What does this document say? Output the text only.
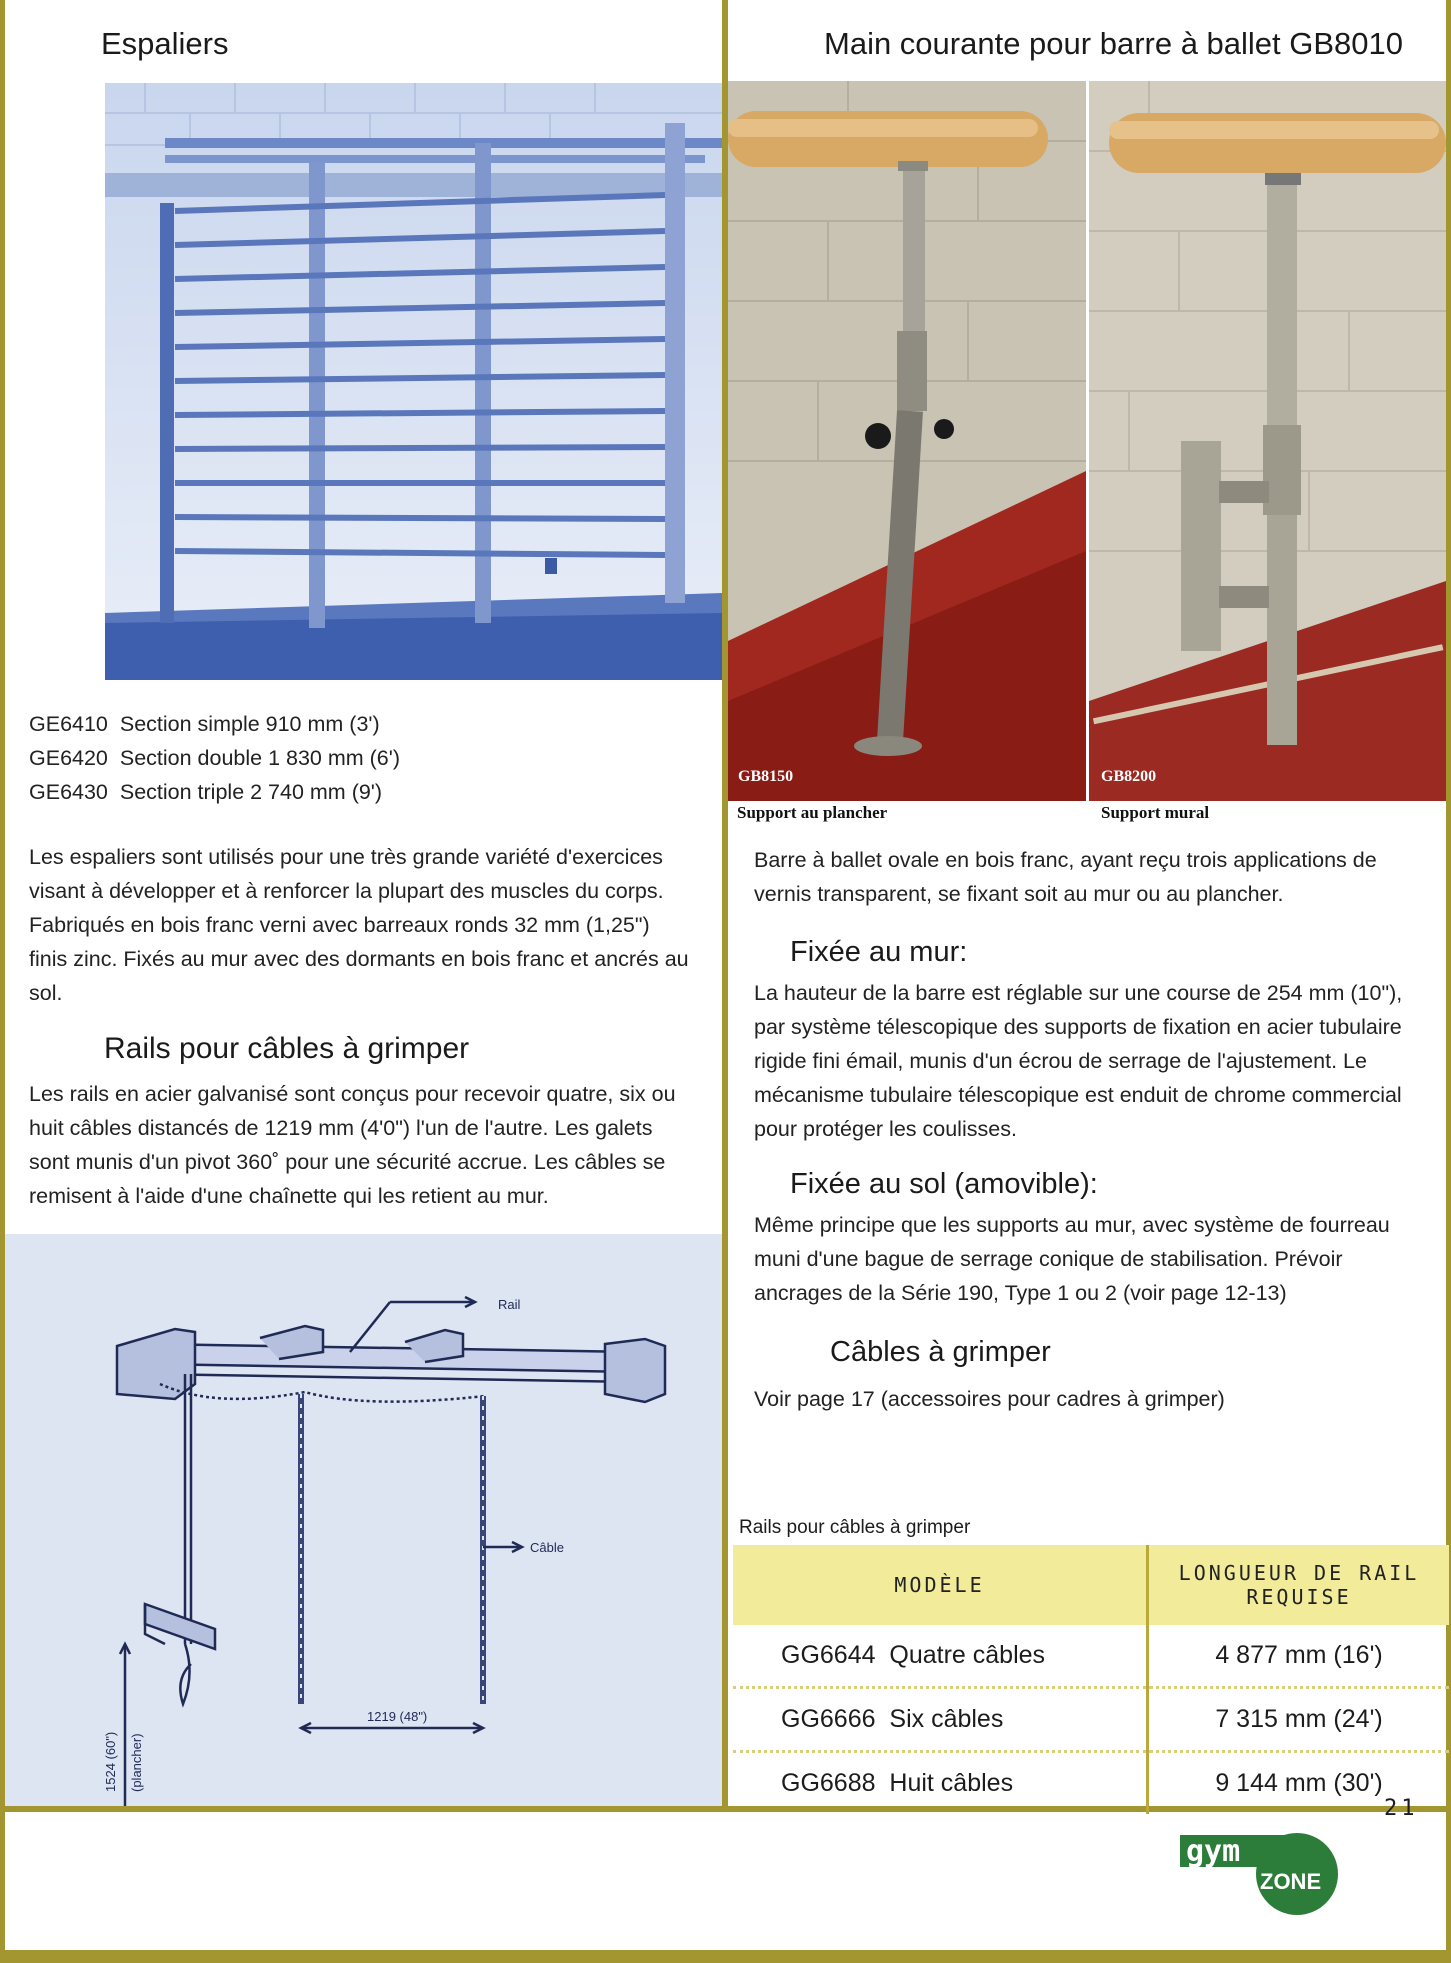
Espaliers
GE6410 Section simple 910 mm (3')
GE6420 Section double 1 830 mm (6')
GE6430 Section triple 2 740 mm (9')
Les espaliers sont utilisés pour une très grande variété d'exercices visant à développer et à renforcer la plupart des muscles du corps. Fabriqués en bois franc verni avec barreaux ronds 32 mm (1,25") finis zinc. Fixés au mur avec des dormants en bois franc et ancrés au sol.
Rails pour câbles à grimper
Les rails en acier galvanisé sont conçus pour recevoir quatre, six ou huit câbles distancés de 1219 mm (4'0") l'un de l'autre. Les galets sont munis d'un pivot 360˚ pour une sécurité accrue. Les câbles se remisent à l'aide d'une chaînette qui les retient au mur.
Rail
Câble
1219 (48")
1524 (60") (plancher)
Main courante pour barre à ballet GB8010
GB8150	GB8200
Support au plancher	Support mural
Barre à ballet ovale en bois franc, ayant reçu trois applications de vernis transparent, se fixant soit au mur ou au plancher.
Fixée au mur:
La hauteur de la barre est réglable sur une course de 254 mm (10"), par système télescopique des supports de fixation en acier tubulaire rigide fini émail, munis d'un écrou de serrage de l'ajustement. Le mécanisme tubulaire télescopique est enduit de chrome commercial pour protéger les coulisses.
Fixée au sol (amovible):
Même principe que les supports au mur, avec système de fourreau muni d'une bague de serrage conique de stabilisation. Prévoir ancrages de la Série 190, Type 1 ou 2 (voir page 12-13)
Câbles à grimper
Voir page 17 (accessoires pour cadres à grimper)
Rails pour câbles à grimper
MODÈLE	LONGUEUR DE RAIL REQUISE
GG6644  Quatre câbles	4 877 mm (16')
GG6666  Six câbles	7 315 mm (24')
GG6688  Huit câbles	9 144 mm (30')
gym
ZONE
21
